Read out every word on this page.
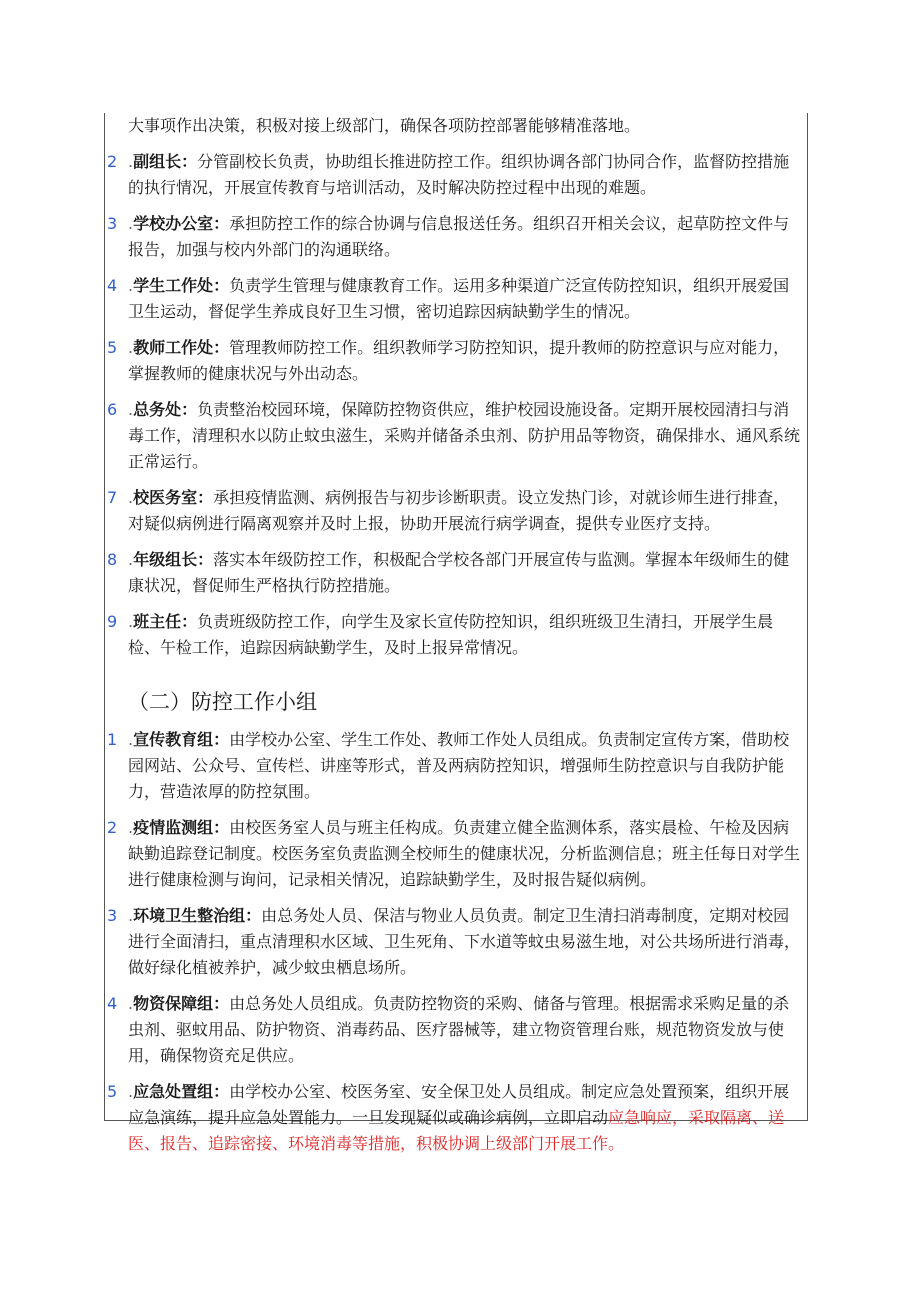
大事项作出决策，积极对接上级部门，确保各项防控部署能够精准落地。
2 .副组长：分管副校长负责，协助组长推进防控工作。组织协调各部门协同合作，监督防控措施的执行情况，开展宣传教育与培训活动，及时解决防控过程中出现的难题。
3 .学校办公室：承担防控工作的综合协调与信息报送任务。组织召开相关会议，起草防控文件与报告，加强与校内外部门的沟通联络。
4 .学生工作处：负责学生管理与健康教育工作。运用多种渠道广泛宣传防控知识，组织开展爱国卫生运动，督促学生养成良好卫生习惯，密切追踪因病缺勤学生的情况。
5 .教师工作处：管理教师防控工作。组织教师学习防控知识，提升教师的防控意识与应对能力，掌握教师的健康状况与外出动态。
6 .总务处：负责整治校园环境，保障防控物资供应，维护校园设施设备。定期开展校园清扫与消毒工作，清理积水以防止蚊虫滋生，采购并储备杀虫剂、防护用品等物资，确保排水、通风系统正常运行。
7 .校医务室：承担疫情监测、病例报告与初步诊断职责。设立发热门诊，对就诊师生进行排查，对疑似病例进行隔离观察并及时上报，协助开展流行病学调查，提供专业医疗支持。
8 .年级组长：落实本年级防控工作，积极配合学校各部门开展宣传与监测。掌握本年级师生的健康状况，督促师生严格执行防控措施。
9 .班主任：负责班级防控工作，向学生及家长宣传防控知识，组织班级卫生清扫，开展学生晨检、午检工作，追踪因病缺勤学生，及时上报异常情况。
（二）防控工作小组
1 .宣传教育组：由学校办公室、学生工作处、教师工作处人员组成。负责制定宣传方案，借助校园网站、公众号、宣传栏、讲座等形式，普及两病防控知识，增强师生防控意识与自我防护能力，营造浓厚的防控氛围。
2 .疫情监测组：由校医务室人员与班主任构成。负责建立健全监测体系，落实晨检、午检及因病缺勤追踪登记制度。校医务室负责监测全校师生的健康状况，分析监测信息；班主任每日对学生进行健康检测与询问，记录相关情况，追踪缺勤学生，及时报告疑似病例。
3 .环境卫生整治组：由总务处人员、保洁与物业人员负责。制定卫生清扫消毒制度，定期对校园进行全面清扫，重点清理积水区域、卫生死角、下水道等蚊虫易滋生地，对公共场所进行消毒，做好绿化植被养护，减少蚊虫栖息场所。
4 .物资保障组：由总务处人员组成。负责防控物资的采购、储备与管理。根据需求采购足量的杀虫剂、驱蚊用品、防护物资、消毒药品、医疗器械等，建立物资管理台账，规范物资发放与使用，确保物资充足供应。
5 .应急处置组：由学校办公室、校医务室、安全保卫处人员组成。制定应急处置预案，组织开展应急演练，提升应急处置能力。一旦发现疑似或确诊病例，立即启动应急响应，采取隔离、送医、报告、追踪密接、环境消毒等措施，积极协调上级部门开展工作。
